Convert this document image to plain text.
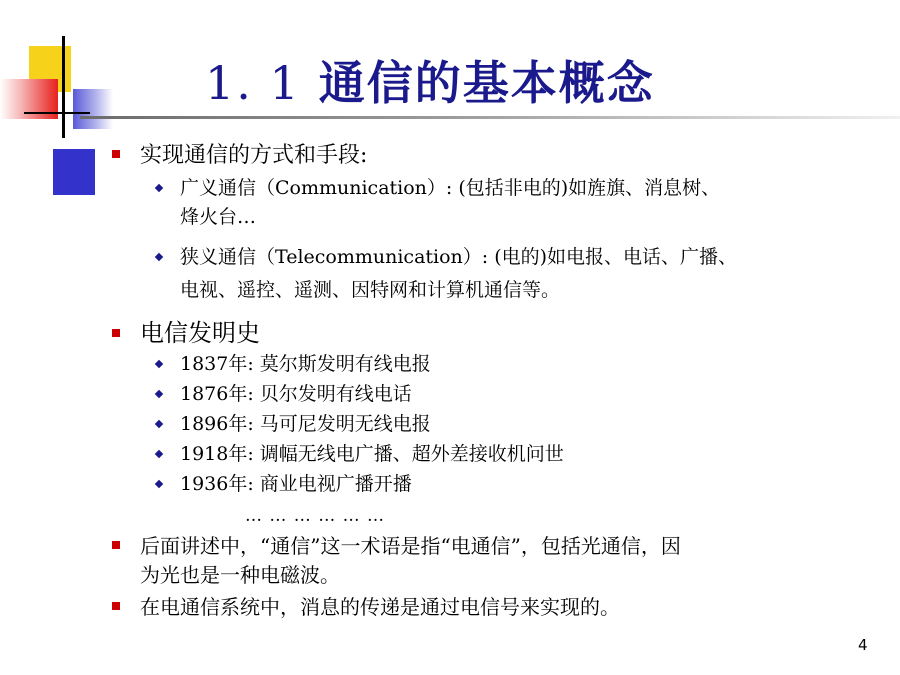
1. 1 通信的基本概念
实现通信的方式和手段:
广义通信（Communication）: (包括非电的)如旌旗、消息树、
烽火台…
狭义通信（Telecommunication）: (电的)如电报、电话、广播、
电视、遥控、遥测、因特网和计算机通信等。
电信发明史
1837年: 莫尔斯发明有线电报
1876年: 贝尔发明有线电话
1896年: 马可尼发明无线电报
1918年: 调幅无线电广播、超外差接收机问世
1936年: 商业电视广播开播
… … … … … …
后面讲述中，“通信”这一术语是指“电通信”，包括光通信，因
为光也是一种电磁波。
在电通信系统中，消息的传递是通过电信号来实现的。
4
